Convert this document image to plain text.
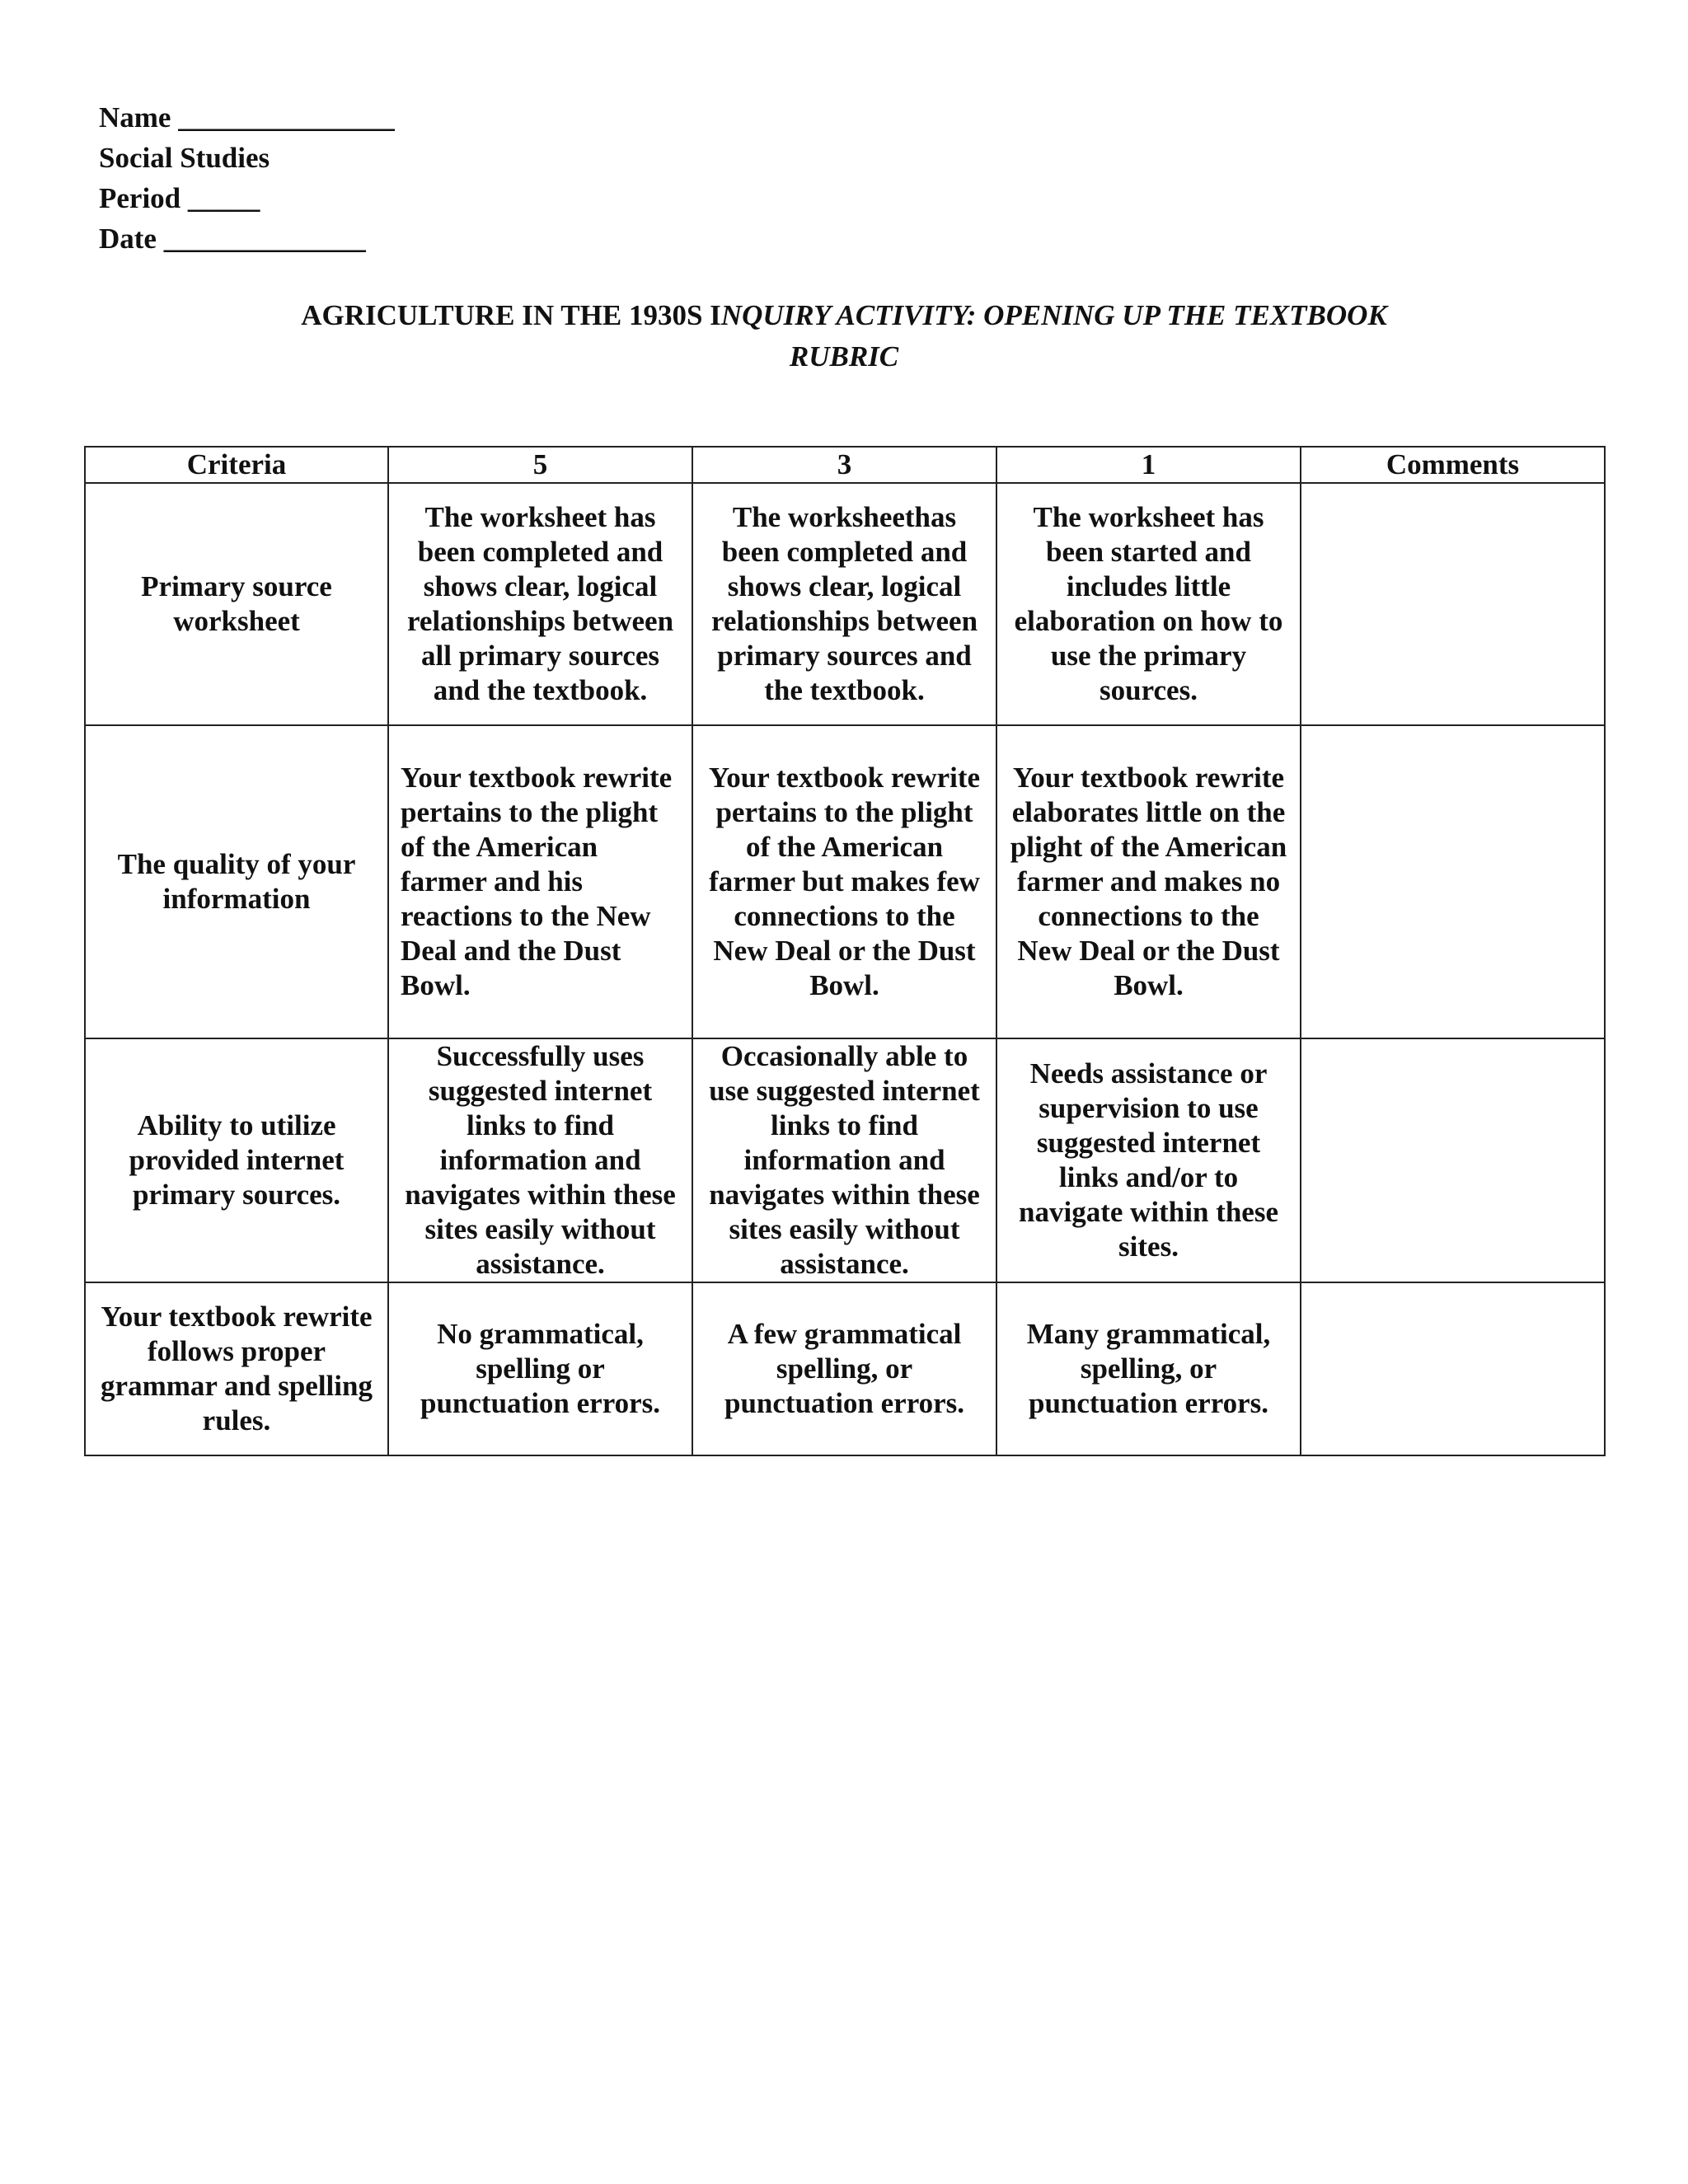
Name _______________
Social Studies
Period _____
Date ______________
AGRICULTURE IN THE 1930S INQUIRY ACTIVITY: OPENING UP THE TEXTBOOK
RUBRIC
Criteria	5	3	1	Comments
Primary source worksheet	The worksheet has been completed and shows clear, logical relationships between all primary sources and the textbook.	The worksheethas been completed and shows clear, logical relationships between primary sources and the textbook.	The worksheet has been started and includes little elaboration on how to use the primary sources.	
The quality of your information	Your textbook rewrite pertains to the plight of the American farmer and his reactions to the New Deal and the Dust Bowl.	Your textbook rewrite pertains to the plight of the American farmer but makes few connections to the New Deal or the Dust Bowl.	Your textbook rewrite elaborates little on the plight of the American farmer and makes no connections to the New Deal or the Dust Bowl.	
Ability to utilize provided internet primary sources.	Successfully uses suggested internet links to find information and navigates within these sites easily without assistance.	Occasionally able to use suggested internet links to find information and navigates within these sites easily without assistance.	Needs assistance or supervision to use suggested internet links and/or to navigate within these sites.	
Your textbook rewrite follows proper grammar and spelling rules.	No grammatical, spelling or punctuation errors.	A few grammatical spelling, or punctuation errors.	Many grammatical, spelling, or punctuation errors.	
